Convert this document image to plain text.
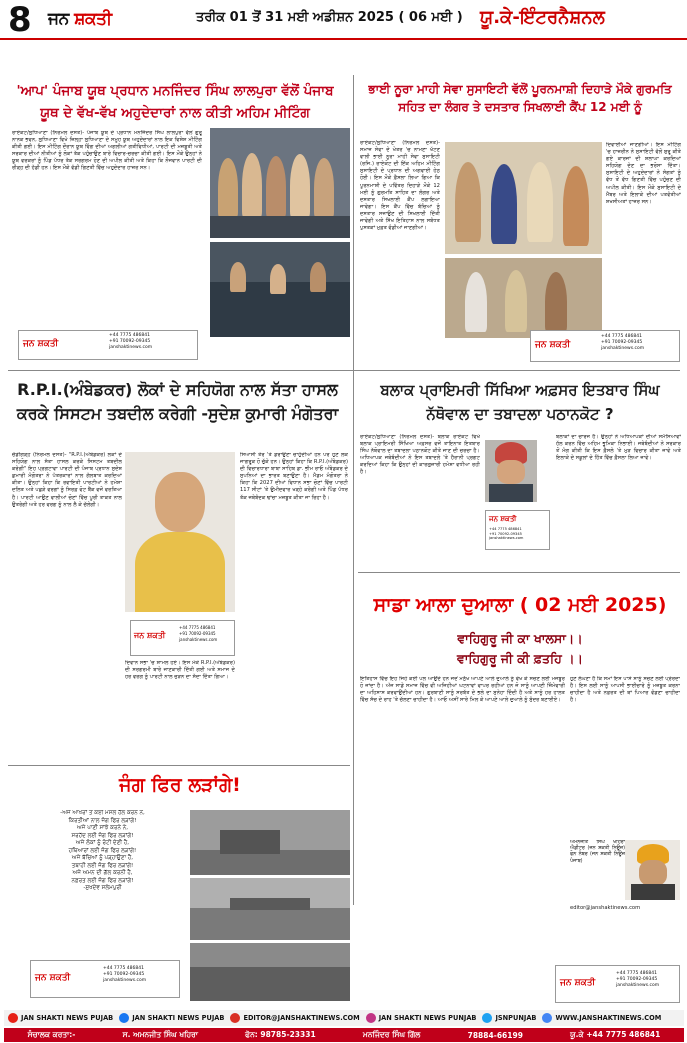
8 ਜਨ ਸ਼ਕਤੀ	ਤਰੀਕ 01 ਤੋਂ 31 ਮਈ ਅਡੀਸ਼ਨ 2025 ( 06 ਮਈ ) ਯੂ.ਕੇ-ਇੰਟਰਨੈਸ਼ਨਲ
'ਆਪ' ਪੰਜਾਬ ਯੂਥ ਪ੍ਰਧਾਨ ਮਨਜਿੰਦਰ ਸਿੰਘ ਲਾਲਪੁਰਾ ਵੱਲੋਂ ਪੰਜਾਬ ਯੂਥ ਦੇ ਵੱਖ-ਵੱਖ ਅਹੁਦੇਦਾਰਾਂ ਨਾਲ ਕੀਤੀ ਅਹਿਮ ਮੀਟਿੰਗ
ਰਾਏਕੋਟ/ਲੁਧਿਆਣਾ (ਨਿਰਮਲ ਦੋਸਤ)- ਪੰਜਾਬ ਯੂਥ ਦੇ ਪ੍ਰਧਾਨ ਮਨਜਿੰਦਰ ਸਿੰਘ ਲਾਲਪੁਰਾ ਵੱਲੋਂ ਗੁਰੂ ਨਾਨਕ ਭਵਨ, ਲੁਧਿਆਣਾ ਵਿਖੇ ਜ਼ਿਲ੍ਹਾ ਲੁਧਿਆਣਾ ਦੇ ਸਮੂਹ ਯੂਥ ਅਹੁਦੇਦਾਰਾਂ ਨਾਲ ਇਕ ਵਿਸ਼ੇਸ਼ ਮੀਟਿੰਗ ਕੀਤੀ ਗਈ। ਇਸ ਮੀਟਿੰਗ ਦੌਰਾਨ ਯੂਥ ਵਿੰਗ ਦੀਆਂ ਅਗਲੀਆਂ ਗਤੀਵਿਧੀਆਂ, ਪਾਰਟੀ ਦੀ ਮਜ਼ਬੂਤੀ ਅਤੇ ਸਰਕਾਰ ਦੀਆਂ ਨੀਤੀਆਂ ਨੂੰ ਲੋਕਾਂ ਤੱਕ ਪਹੁੰਚਾਉਣ ਬਾਰੇ ਵਿਚਾਰ-ਚਰਚਾ ਕੀਤੀ ਗਈ। ਇਸ ਮੌਕੇ ਉਨ੍ਹਾਂ ਨੇ ਯੂਥ ਵਰਕਰਾਂ ਨੂੰ ਪਿੰਡ ਪੱਧਰ ਤੱਕ ਸਰਗਰਮ ਹੋਣ ਦੀ ਅਪੀਲ ਕੀਤੀ ਅਤੇ ਕਿਹਾ ਕਿ ਨੌਜਵਾਨ ਪਾਰਟੀ ਦੀ ਰੀੜ੍ਹ ਦੀ ਹੱਡੀ ਹਨ। ਇਸ ਮੌਕੇ ਵੱਡੀ ਗਿਣਤੀ ਵਿੱਚ ਅਹੁਦੇਦਾਰ ਹਾਜ਼ਰ ਸਨ।
ਜਨ ਸ਼ਕਤੀ
+44 7775 486841
+91 70092-09345
janshaktinews.com
ਭਾਈ ਨੂਰਾ ਮਾਹੀ ਸੇਵਾ ਸੁਸਾਇਟੀ ਵੱਲੋਂ ਪੂਰਨਮਾਸ਼ੀ ਦਿਹਾੜੇ ਮੌਕੇ ਗੁਰਮਤਿ ਸਹਿਤ ਦਾ ਲੰਗਰ ਤੇ ਦਸਤਾਰ ਸਿਖਲਾਈ ਕੈਂਪ 12 ਮਈ ਨੂੰ
ਰਾਏਕੋਟ/ਲੁਧਿਆਣਾ (ਨਿਰਮਲ ਦੋਸਤ)- ਸਮਾਜ ਸੇਵਾ ਦੇ ਖੇਤਰ 'ਚ ਨਾਮਣਾ ਖੱਟਣ ਵਾਲੀ ਭਾਈ ਨੂਰਾ ਮਾਹੀ ਸੇਵਾ ਸੁਸਾਇਟੀ (ਰਜਿ.) ਰਾਏਕੋਟ ਦੀ ਇੱਕ ਅਹਿਮ ਮੀਟਿੰਗ ਸੁਸਾਇਟੀ ਦੇ ਪ੍ਰਧਾਨ ਦੀ ਅਗਵਾਈ ਹੇਠ ਹੋਈ। ਇਸ ਮੌਕੇ ਫ਼ੈਸਲਾ ਲਿਆ ਗਿਆ ਕਿ ਪੂਰਨਮਾਸ਼ੀ ਦੇ ਪਵਿੱਤਰ ਦਿਹਾੜੇ ਮੌਕੇ 12 ਮਈ ਨੂੰ ਗੁਰਮਤਿ ਸਾਹਿਤ ਦਾ ਲੰਗਰ ਅਤੇ ਦਸਤਾਰ ਸਿਖਲਾਈ ਕੈਂਪ ਲਗਾਇਆ ਜਾਵੇਗਾ। ਇਸ ਕੈਂਪ ਵਿੱਚ ਬੱਚਿਆਂ ਨੂੰ ਦਸਤਾਰ ਸਜਾਉਣ ਦੀ ਸਿਖਲਾਈ ਦਿੱਤੀ ਜਾਵੇਗੀ ਅਤੇ ਸਿੱਖ ਇਤਿਹਾਸ ਨਾਲ ਸਬੰਧਤ ਪੁਸਤਕਾਂ ਮੁਫ਼ਤ ਵੰਡੀਆਂ ਜਾਣਗੀਆਂ।
ਦਿਵਾਈਆਂ ਜਾਣਗੀਆਂ। ਇਸ ਮੀਟਿੰਗ 'ਚ ਹਾਜ਼ਰੀਨ ਨੇ ਸੁਸਾਇਟੀ ਵੱਲੋਂ ਸ਼ੁਰੂ ਕੀਤੇ ਗਏ ਕਾਰਜਾਂ ਦੀ ਸ਼ਲਾਘਾ ਕਰਦਿਆਂ ਸਹਿਯੋਗ ਦੇਣ ਦਾ ਭਰੋਸਾ ਦਿੱਤਾ। ਸੁਸਾਇਟੀ ਦੇ ਅਹੁਦੇਦਾਰਾਂ ਨੇ ਸੰਗਤਾਂ ਨੂੰ ਵੱਧ ਤੋਂ ਵੱਧ ਗਿਣਤੀ ਵਿੱਚ ਪਹੁੰਚਣ ਦੀ ਅਪੀਲ ਕੀਤੀ। ਇਸ ਮੌਕੇ ਸੁਸਾਇਟੀ ਦੇ ਮੈਂਬਰ ਅਤੇ ਇਲਾਕੇ ਦੀਆਂ ਪਤਵੰਤੀਆਂ ਸ਼ਖਸੀਅਤਾਂ ਹਾਜ਼ਰ ਸਨ।
ਜਨ ਸ਼ਕਤੀ
+44 7775 486841
+91 70092-09345
janshaktinews.com
R.P.I.(ਅੰਬੇਡਕਰ) ਲੋਕਾਂ ਦੇ ਸਹਿਯੋਗ ਨਾਲ ਸੱਤਾ ਹਾਸਲ ਕਰਕੇ ਸਿਸਟਮ ਤਬਦੀਲ ਕਰੇਗੀ -ਸੁਦੇਸ਼ ਕੁਮਾਰੀ ਮੰਗੋਤਰਾ
ਚੰਡੀਗੜ੍ਹ (ਨਿਰਮਲ ਦੋਸਤ)- "R.P.I.(ਅੰਬੇਡਕਰ) ਲੋਕਾਂ ਦੇ ਸਹਿਯੋਗ ਨਾਲ ਸੱਤਾ ਹਾਸਲ ਕਰਕੇ ਸਿਸਟਮ ਤਬਦੀਲ ਕਰੇਗੀ" ਇਹ ਪ੍ਰਗਟਾਵਾ ਪਾਰਟੀ ਦੀ ਪੰਜਾਬ ਪ੍ਰਧਾਨ ਸੁਦੇਸ਼ ਕੁਮਾਰੀ ਮੰਗੋਤਰਾ ਨੇ ਪੱਤਰਕਾਰਾਂ ਨਾਲ ਗੱਲਬਾਤ ਕਰਦਿਆਂ ਕੀਤਾ। ਉਨ੍ਹਾਂ ਕਿਹਾ ਕਿ ਰਵਾਇਤੀ ਪਾਰਟੀਆਂ ਨੇ ਹਮੇਸ਼ਾ ਦਲਿਤ ਅਤੇ ਪਛੜੇ ਵਰਗਾਂ ਨੂੰ ਸਿਰਫ਼ ਵੋਟ ਬੈਂਕ ਵਜੋਂ ਵਰਤਿਆ ਹੈ। ਪਾਰਟੀ ਆਉਣ ਵਾਲੀਆਂ ਚੋਣਾਂ ਵਿੱਚ ਪੂਰੀ ਤਾਕਤ ਨਾਲ ਉਤਰੇਗੀ ਅਤੇ ਹਰ ਵਰਗ ਨੂੰ ਨਾਲ ਲੈ ਕੇ ਚੱਲੇਗੀ।
ਸਿਆਸੀ ਤੌਰ 'ਤੇ ਡਰਾਉਣਾ ਚਾਹੁੰਦੀਆਂ ਹਨ ਪਰ ਹੁਣ ਲੋਕ ਜਾਗਰੂਕ ਹੋ ਚੁੱਕੇ ਹਨ। ਉਨ੍ਹਾਂ ਕਿਹਾ ਕਿ R.P.I.(ਅੰਬੇਡਕਰ) ਦੀ ਵਿਚਾਰਧਾਰਾ ਬਾਬਾ ਸਾਹਿਬ ਡਾ. ਭੀਮ ਰਾਓ ਅੰਬੇਡਕਰ ਦੇ ਸੁਪਨਿਆਂ ਦਾ ਭਾਰਤ ਬਣਾਉਣਾ ਹੈ। ਮੈਡਮ ਮੰਗੋਤਰਾ ਨੇ ਕਿਹਾ ਕਿ 2027 ਦੀਆਂ ਵਿਧਾਨ ਸਭਾ ਚੋਣਾਂ ਵਿੱਚ ਪਾਰਟੀ 117 ਸੀਟਾਂ 'ਤੇ ਉਮੀਦਵਾਰ ਖੜ੍ਹੇ ਕਰੇਗੀ ਅਤੇ ਪਿੰਡ ਪੱਧਰ ਤੱਕ ਜਥੇਬੰਦਕ ਢਾਂਚਾ ਮਜ਼ਬੂਤ ਕੀਤਾ ਜਾ ਰਿਹਾ ਹੈ।
ਜਨ ਸ਼ਕਤੀ
+44 7775 486841
+91 70092-09345
janshaktinews.com
ਦਿਵਾਨ ਸਭਾ 'ਚ ਸ਼ਾਮਲ ਹੋਏ। ਇਸ ਮੌਕੇ R.P.I.(ਅੰਬੇਡਕਰ) ਦੀ ਸਰਗਰਮੀ ਬਾਰੇ ਜਾਣਕਾਰੀ ਦਿੱਤੀ ਗਈ ਅਤੇ ਸਮਾਜ ਦੇ ਹਰ ਵਰਗ ਨੂੰ ਪਾਰਟੀ ਨਾਲ ਜੁੜਨ ਦਾ ਸੱਦਾ ਦਿੱਤਾ ਗਿਆ।
ਬਲਾਕ ਪ੍ਰਾਇਮਰੀ ਸਿੱਖਿਆ ਅਫ਼ਸਰ ਇਤਬਾਰ ਸਿੰਘ ਨੱਥੋਵਾਲ ਦਾ ਤਬਾਦਲਾ ਪਠਾਨਕੋਟ ?
ਰਾਏਕੋਟ/ਲੁਧਿਆਣਾ (ਨਿਰਮਲ ਦੋਸਤ)- ਬਲਾਕ ਰਾਏਕੋਟ ਵਿਖੇ ਬਲਾਕ ਪ੍ਰਾਇਮਰੀ ਸਿੱਖਿਆ ਅਫ਼ਸਰ ਵਜੋਂ ਤਾਇਨਾਤ ਇਤਬਾਰ ਸਿੰਘ ਨੱਥੋਵਾਲ ਦਾ ਤਬਾਦਲਾ ਪਠਾਨਕੋਟ ਕੀਤੇ ਜਾਣ ਦੀ ਚਰਚਾ ਹੈ। ਅਧਿਆਪਕ ਜਥੇਬੰਦੀਆਂ ਨੇ ਇਸ ਤਬਾਦਲੇ 'ਤੇ ਹੈਰਾਨੀ ਪ੍ਰਗਟ ਕਰਦਿਆਂ ਕਿਹਾ ਕਿ ਉਨ੍ਹਾਂ ਦੀ ਕਾਰਗੁਜ਼ਾਰੀ ਹਮੇਸ਼ਾ ਵਧੀਆ ਰਹੀ ਹੈ।
ਜਨ ਸ਼ਕਤੀ
+44 7775 486841
+91 70092-09345
janshaktinews.com
ਬਲਾਕਾਂ ਦਾ ਚਾਰਜ ਹੈ। ਉਨ੍ਹਾਂ ਨੇ ਅਧਿਆਪਕਾਂ ਦੀਆਂ ਸਮੱਸਿਆਵਾਂ ਹੱਲ ਕਰਨ ਵਿੱਚ ਅਹਿਮ ਭੂਮਿਕਾ ਨਿਭਾਈ। ਜਥੇਬੰਦੀਆਂ ਨੇ ਸਰਕਾਰ ਤੋਂ ਮੰਗ ਕੀਤੀ ਕਿ ਇਸ ਫ਼ੈਸਲੇ 'ਤੇ ਮੁੜ ਵਿਚਾਰ ਕੀਤਾ ਜਾਵੇ ਅਤੇ ਇਲਾਕੇ ਦੇ ਸਕੂਲਾਂ ਦੇ ਹਿੱਤ ਵਿੱਚ ਫ਼ੈਸਲਾ ਲਿਆ ਜਾਵੇ।
ਸਾਡਾ ਆਲਾ ਦੁਆਲਾ ( 02 ਮਈ 2025)
ਵਾਹਿਗੁਰੂ ਜੀ ਕਾ ਖਾਲਸਾ।।
ਵਾਹਿਗੁਰੂ ਜੀ ਕੀ ਫ਼ਤਹਿ ।।
ਇਤਿਹਾਸ ਵਿੱਚ ਇਹੋ ਜਿਹੇ ਕਈ ਪਲ ਆਉਂਦੇ ਹਨ ਜਦੋਂ ਮਨੁੱਖ ਆਪਣੇ ਆਲੇ ਦੁਆਲੇ ਨੂੰ ਵੇਖ ਕੇ ਸੋਚਣ ਲਈ ਮਜਬੂਰ ਹੋ ਜਾਂਦਾ ਹੈ। ਅੱਜ ਸਾਡੇ ਸਮਾਜ ਵਿੱਚ ਵੀ ਅਜਿਹੀਆਂ ਘਟਨਾਵਾਂ ਵਾਪਰ ਰਹੀਆਂ ਹਨ ਜੋ ਸਾਨੂੰ ਆਪਣੀ ਜ਼ਿੰਮੇਵਾਰੀ ਦਾ ਅਹਿਸਾਸ ਕਰਵਾਉਂਦੀਆਂ ਹਨ। ਗੁਰਬਾਣੀ ਸਾਨੂੰ ਸਰਬੱਤ ਦੇ ਭਲੇ ਦਾ ਸੁਨੇਹਾ ਦਿੰਦੀ ਹੈ ਅਤੇ ਸਾਨੂੰ ਹਰ ਹਾਲਤ ਵਿੱਚ ਸੱਚ ਦੇ ਰਾਹ 'ਤੇ ਚੱਲਣਾ ਚਾਹੀਦਾ ਹੈ। ਆਓ ਅਸੀਂ ਸਾਰੇ ਮਿਲ ਕੇ ਆਪਣੇ ਆਲੇ ਦੁਆਲੇ ਨੂੰ ਸੁੰਦਰ ਬਣਾਈਏ।
ਹੁਣ ਲੰਘਣਾ ਹੈ ਕਿ ਸਮਾਂ ਇਸ ਪਾਸੇ ਸਾਨੂੰ ਸੋਚਣ ਲਈ ਪ੍ਰੇਰਦਾ ਹੈ। ਇਸ ਲਈ ਸਾਨੂੰ ਆਪਸੀ ਭਾਈਚਾਰੇ ਨੂੰ ਮਜ਼ਬੂਤ ਕਰਨਾ ਚਾਹੀਦਾ ਹੈ ਅਤੇ ਨਫ਼ਰਤ ਦੀ ਥਾਂ ਪਿਆਰ ਵੰਡਣਾ ਚਾਹੀਦਾ ਹੈ।
ਅਮਨਜੀਤ ਸਿੰਘ ਖਹਿਰਾ ਐਡੀਟਰ (ਜਨ ਸ਼ਕਤੀ ਨਿਊਜ਼) ਫੋਨ ਨੰਬਰ (ਜਨ ਸ਼ਕਤੀ ਨਿਊਜ਼ ਪੰਜਾਬ)
editor@janshaktinews.com
ਜਨ ਸ਼ਕਤੀ
+44 7775 486841
+91 70092-09345
janshaktinews.com
ਜੰਗ ਫਿਰ ਲੜਾਂਗੇ!
-ਅਜੇ ਆਖਰਾਂ ਤੋਂ ਕਈ ਮਸਲੇ ਹੱਲ ਕਰਨੇ ਨੇ,
ਕਿਰਤੀਆਂ ਨਾਲ ਜੰਗ ਫਿਰ ਲੜਾਂਗੇ!
ਅਜੇ ਪਾਣੀ ਸਾਂਝੇ ਕਰਨੇ ਨੇ,
ਸਰਹੱਦ ਲਈ ਜੰਗ ਫਿਰ ਲੜਾਂਗੇ!
ਅਜੇ ਲੋਕਾਂ ਨੂੰ ਰੋਟੀ ਦੇਣੀ ਹੈ,
ਹਥਿਆਰਾਂ ਲਈ ਜੰਗ ਫਿਰ ਲੜਾਂਗੇ!
ਅਜੇ ਬੱਚਿਆਂ ਨੂੰ ਪੜ੍ਹਾਉਣਾ ਹੈ,
ਤਬਾਹੀ ਲਈ ਜੰਗ ਫਿਰ ਲੜਾਂਗੇ!
ਅਜੇ ਅਮਨ ਦੀ ਗੱਲ ਕਰਨੀ ਹੈ,
ਨਫ਼ਰਤ ਲਈ ਜੰਗ ਫਿਰ ਲੜਾਂਗੇ!
-ਸੁਖਦੇਵ ਸਲੇਮਪੁਰੀ
ਜਨ ਸ਼ਕਤੀ
+44 7775 486841
+91 70092-09345
janshaktinews.com
JAN SHAKTI NEWS PUJAB	JAN SHAKTI NEWS PUJAB	EDITOR@JANSHAKTINEWS.COM	JAN SHAKTI NEWS PUNJAB	JSNPUNJAB	WWW.JANSHAKTINEWS.COM
ਸੰਚਾਲਕ ਕਰਤਾ:-	ਸ. ਅਮਨਜੀਤ ਸਿੰਘ ਖਹਿਰਾ	ਫੋਨ: 98785-23331	ਮਨਜਿੰਦਰ ਸਿੰਘ ਗਿੱਲ	78884-66199	ਯੂ.ਕੇ +44 7775 486841
